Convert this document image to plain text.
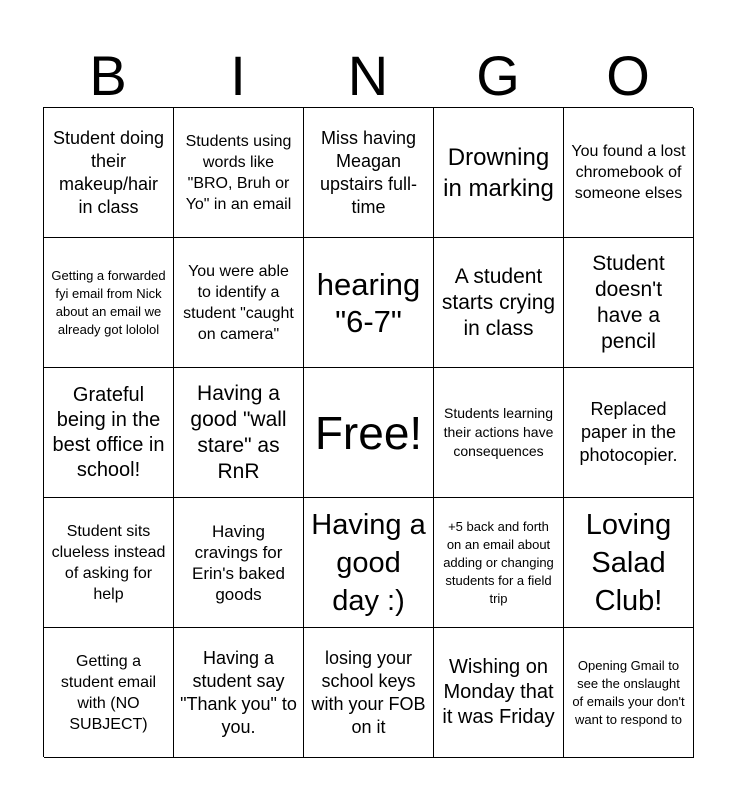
B	I	N	G	O
Student doing their makeup/hair in class
Students using words like "BRO, Bruh or Yo" in an email
Miss having Meagan upstairs full-time
Drowning in marking
You found a lost chromebook of someone elses
Getting a forwarded fyi email from Nick about an email we already got lololol
You were able to identify a student "caught on camera"
hearing "6-7"
A student starts crying in class
Student doesn't have a pencil
Grateful being in the best office in school!
Having a good "wall stare" as RnR
Free!	Students learning their actions have consequences
Replaced paper in the photocopier.
Student sits clueless instead of asking for help
Having cravings for Erin's baked goods
Having a good day :)
+5 back and forth on an email about adding or changing students for a field trip
Loving Salad Club!
Getting a student email with (NO SUBJECT)
Having a student say "Thank you" to you.
losing your school keys with your FOB on it
Wishing on Monday that it was Friday
Opening Gmail to see the onslaught of emails your don't want to respond to
